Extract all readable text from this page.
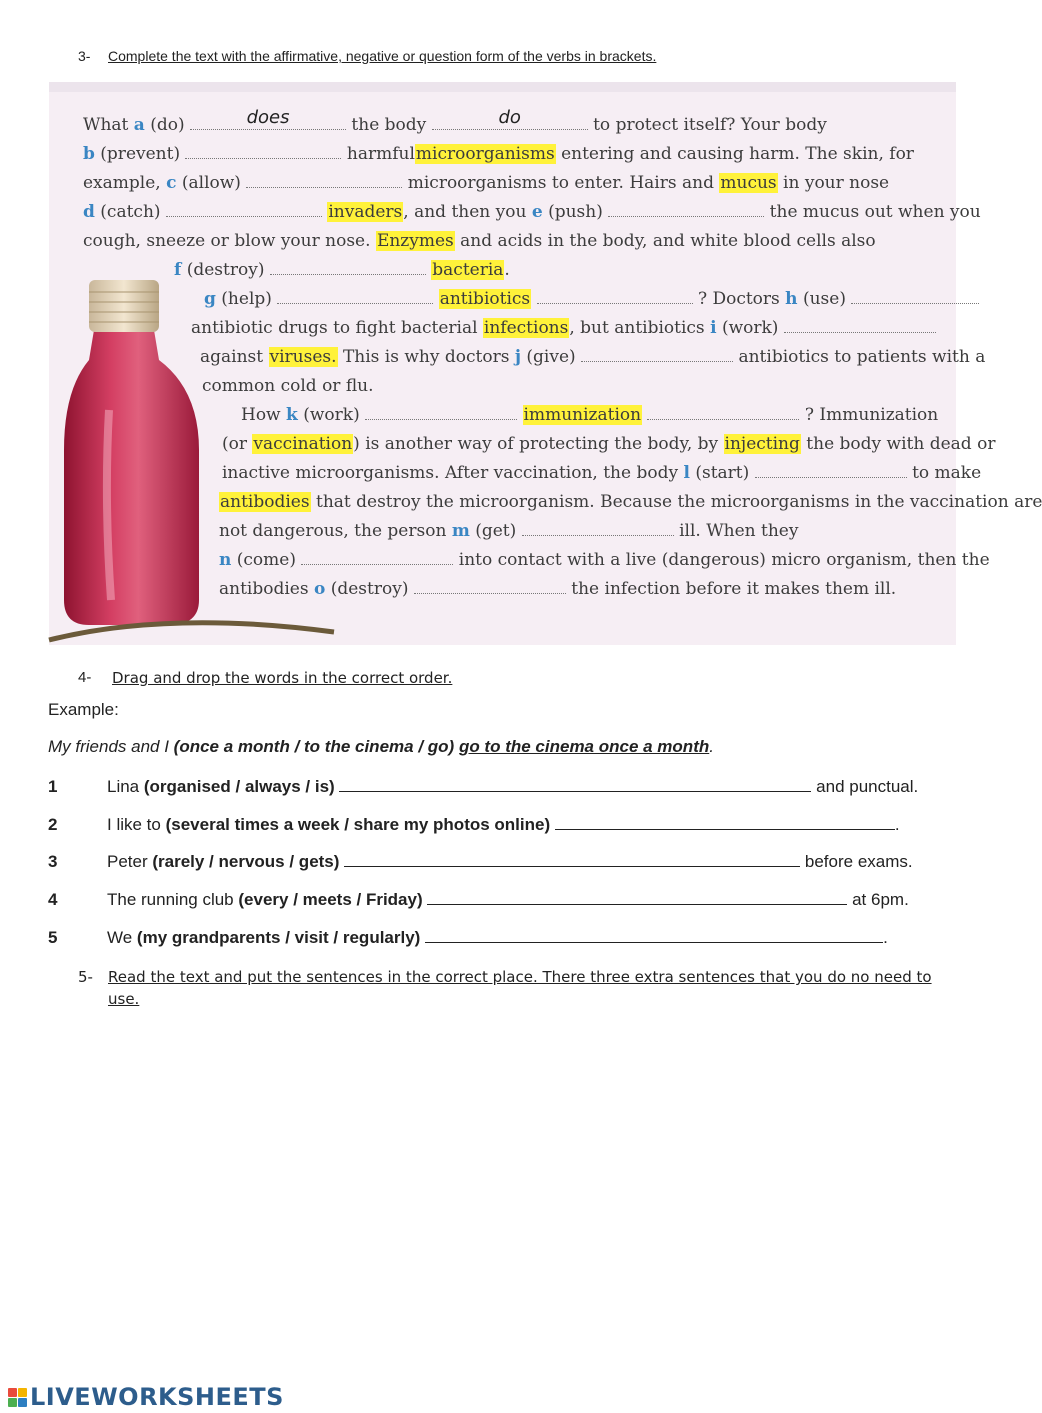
3- Complete the text with the affirmative, negative or question form of the verbs in brackets.
What a (do)	does	the body	do	to protect itself? Your body
b (prevent)	harmfulmicroorganisms entering and causing harm. The skin, for
example, c (allow)	microorganisms to enter. Hairs and mucus in your nose
d (catch)	invaders, and then you e (push)	the mucus out when you
cough, sneeze or blow your nose. Enzymes and acids in the body, and white blood cells also
f (destroy)	bacteria.
g (help)	antibiotics	? Doctors h (use)
antibiotic drugs to fight bacterial infections, but antibiotics i (work)
against viruses. This is why doctors j (give)	antibiotics to patients with a
common cold or flu.
How k (work)	immunization	? Immunization
(or vaccination) is another way of protecting the body, by injecting the body with dead or
inactive microorganisms. After vaccination, the body l (start)	to make
antibodies that destroy the microorganism. Because the microorganisms in the vaccination are
not dangerous, the person m (get)	ill. When they
n (come)	into contact with a live (dangerous) micro organism, then the
antibodies o (destroy)	the infection before it makes them ill.
4- Drag and drop the words in the correct order.
Example:
My friends and I (once a month / to the cinema / go) go to the cinema once a month.
1	Lina (organised / always / is)	and punctual.
2	I like to (several times a week / share my photos online)	.
3	Peter (rarely / nervous / gets)	before exams.
4	The running club (every / meets / Friday)	at 6pm.
5	We (my grandparents / visit / regularly)	.
5- Read the text and put the sentences in the correct place. There three extra sentences that you do no need to
use.
LIVEWORKSHEETS
